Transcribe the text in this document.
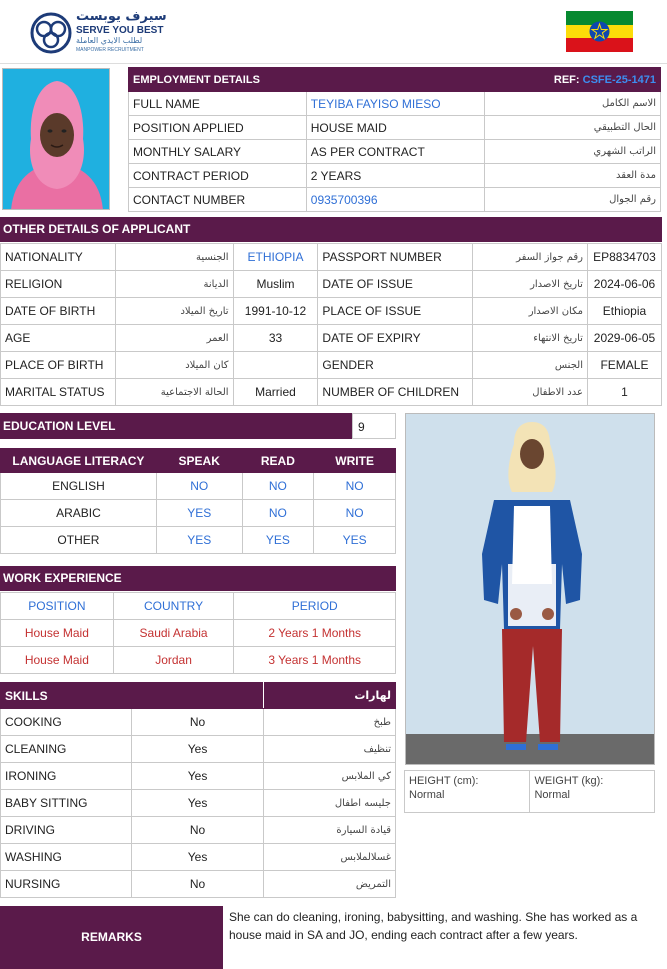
سيرف يوبست
SERVE YOU BEST
لطلب الايدي العاملة
MANPOWER RECRUITMENT
EMPLOYMENT DETAILS	REF: CSFE-25-1471	
FULL NAME	TEYIBA FAYISO MIESO	الاسم الكامل
POSITION APPLIED	HOUSE MAID	الحال التطبيقي
MONTHLY SALARY	AS PER CONTRACT	الراتب الشهري
CONTRACT PERIOD	2 YEARS	مدة العقد
CONTACT NUMBER	0935700396	رقم الجوال
OTHER DETAILS OF APPLICANT
NATIONALITY	الجنسية	ETHIOPIA	PASSPORT NUMBER	رقم جواز السفر	EP8834703
RELIGION	الديانة	Muslim	DATE OF ISSUE	تاريخ الاصدار	2024-06-06
DATE OF BIRTH	تاريخ الميلاد	1991-10-12	PLACE OF ISSUE	مكان الاصدار	Ethiopia
AGE	العمر	33	DATE OF EXPIRY	تاريخ الانتهاء	2029-06-05
PLACE OF BIRTH	كان الميلاد		GENDER	الجنس	FEMALE
MARITAL STATUS	الحالة الاجتماعية	Married	NUMBER OF CHILDREN	عدد الاطفال	1
EDUCATION LEVEL	9
LANGUAGE LITERACY	SPEAK	READ	WRITE
ENGLISH	NO	NO	NO
ARABIC	YES	NO	NO
OTHER	YES	YES	YES
WORK EXPERIENCE
POSITION	COUNTRY	PERIOD
House Maid	Saudi Arabia	2 Years 1 Months
House Maid	Jordan	3 Years 1 Months
SKILLS		لهارات
COOKING	No	طبخ
CLEANING	Yes	تنظيف
IRONING	Yes	كي الملابس
BABY SITTING	Yes	جليسه اطفال
DRIVING	No	قيادة السيارة
WASHING	Yes	غسلالملابس
NURSING	No	التمريض
HEIGHT (cm):
Normal

WEIGHT (kg):
Normal
REMARKS
She can do cleaning, ironing, babysitting, and washing. She has worked as a house maid in SA and JO, ending each contract after a few years.
